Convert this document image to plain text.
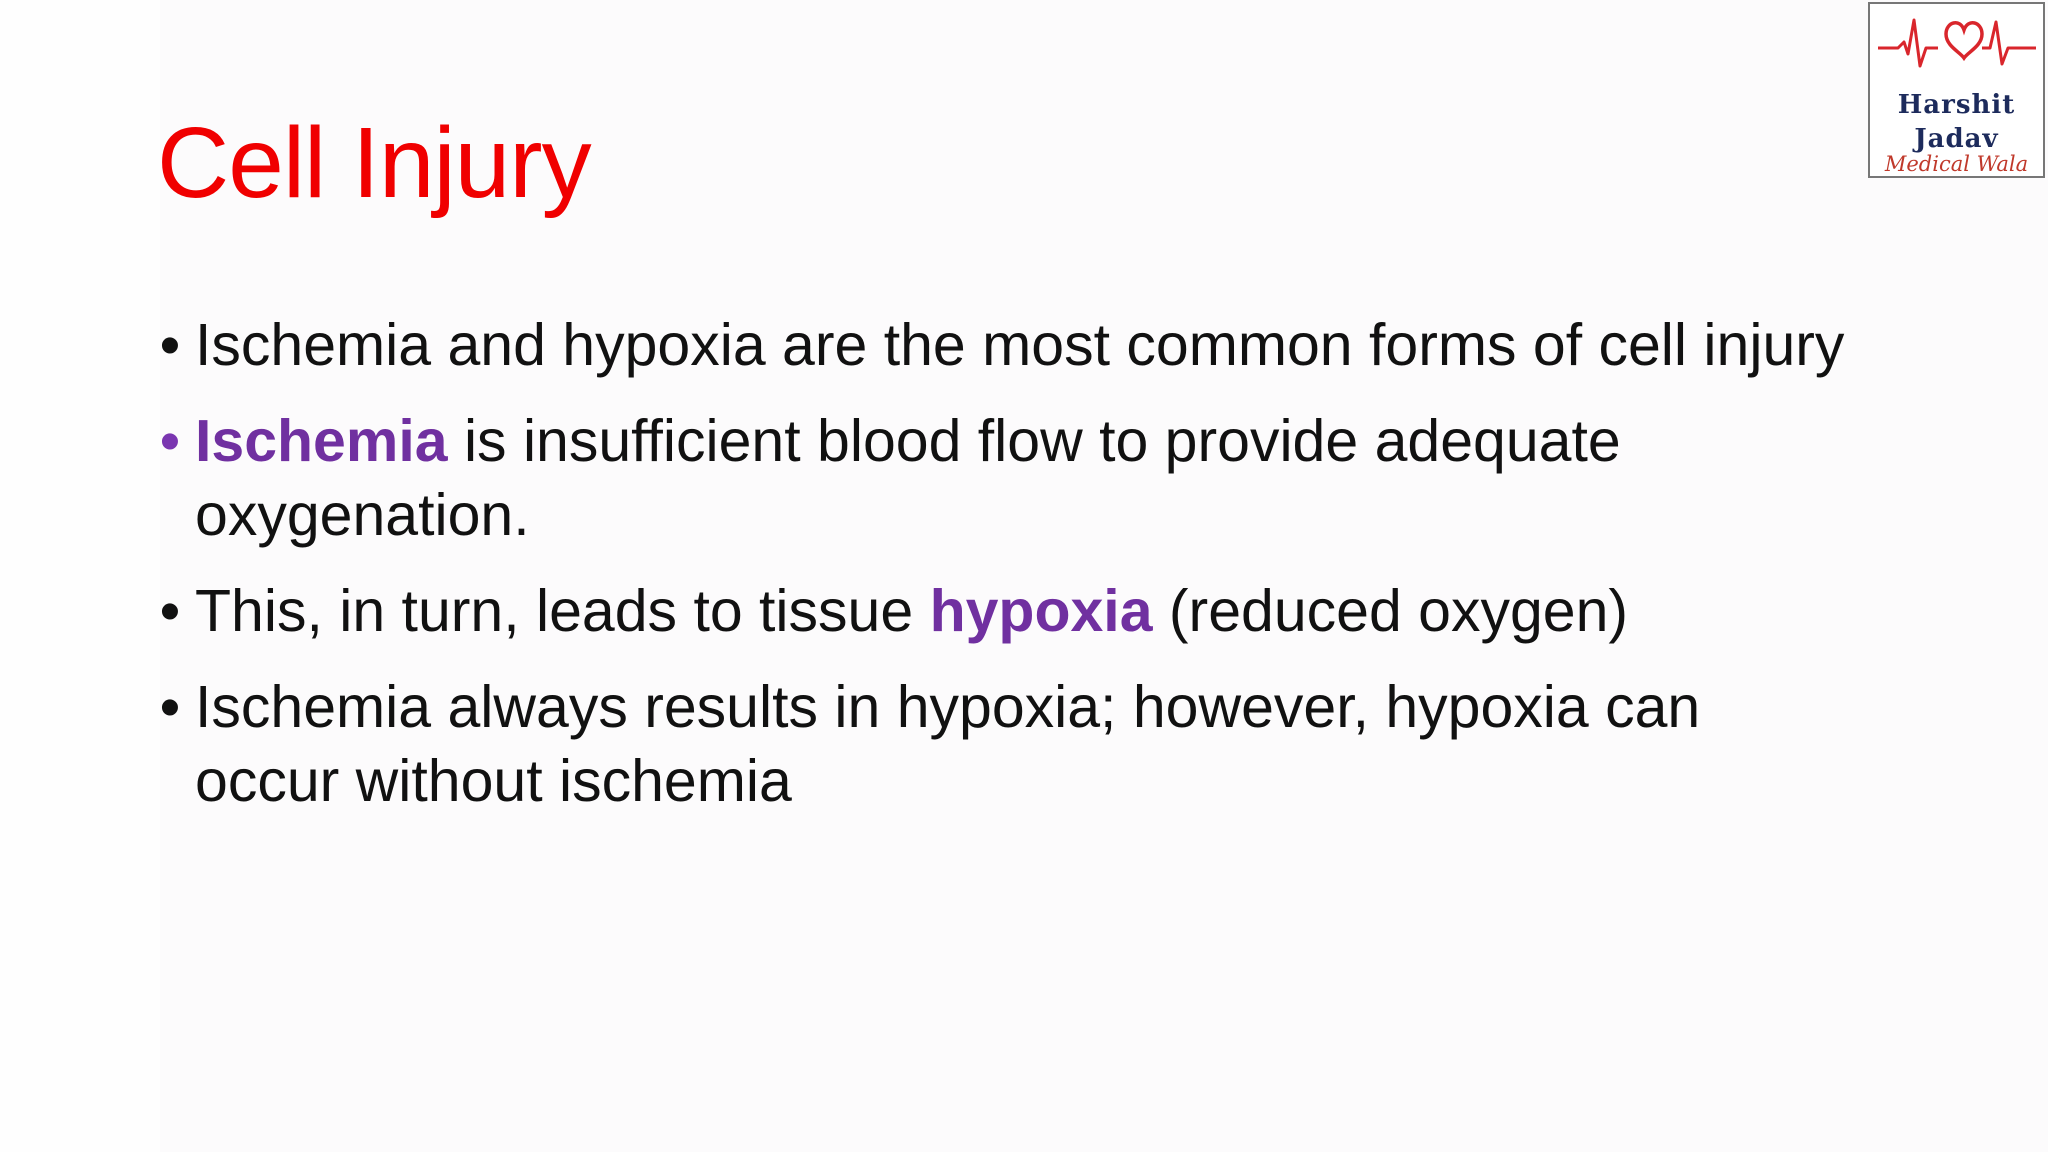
Cell Injury
• Ischemia and hypoxia are the most common forms of cell injury
• Ischemia is insufficient blood flow to provide adequate oxygenation.
• This, in turn, leads to tissue hypoxia (reduced oxygen)
• Ischemia always results in hypoxia; however, hypoxia can occur without ischemia
Harshit
Jadav
Medical Wala
